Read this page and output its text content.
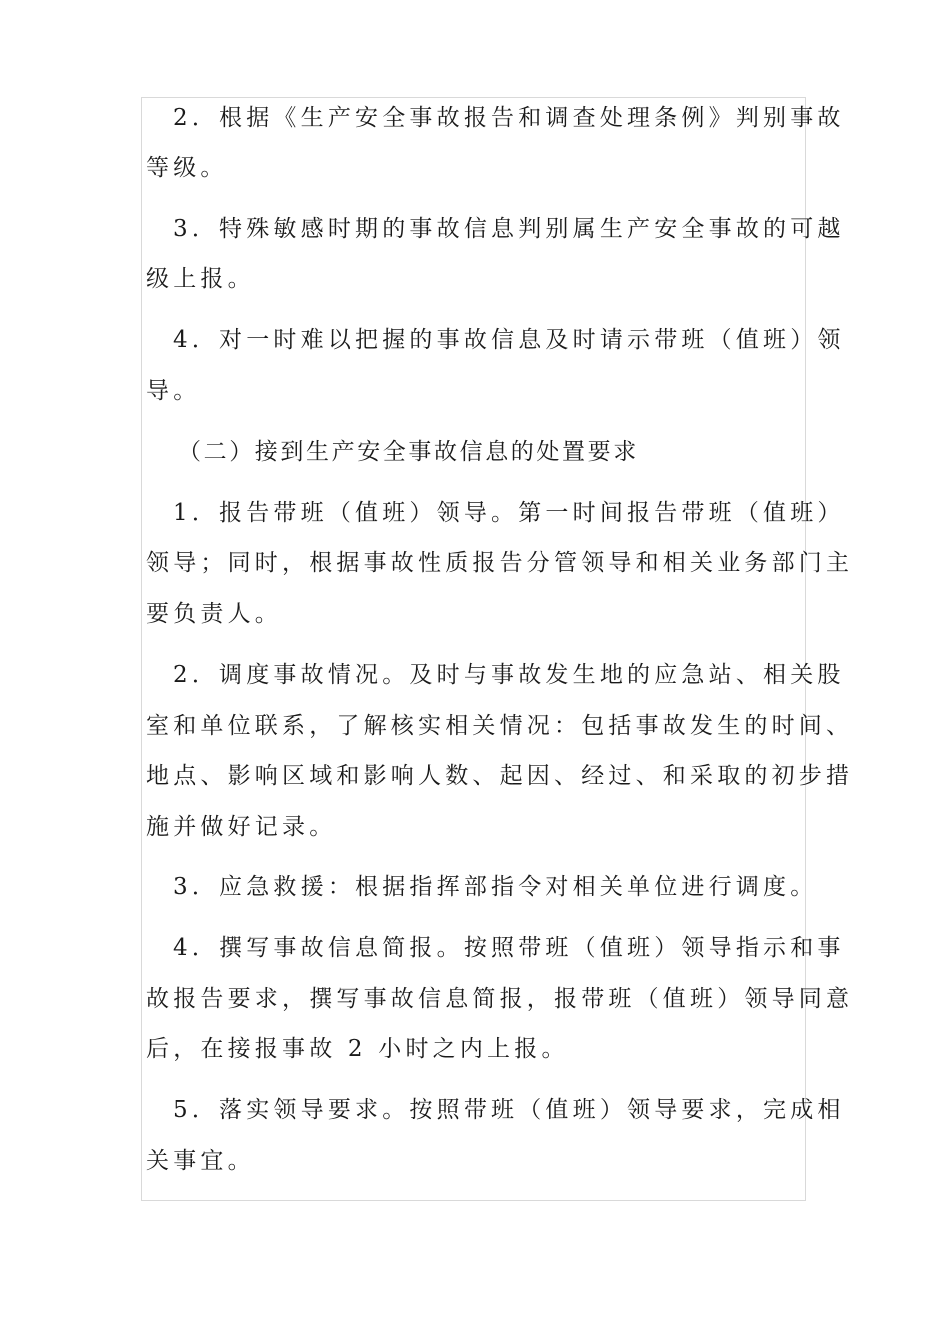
2．根据《生产安全事故报告和调查处理条例》判别事故
等级。
3．特殊敏感时期的事故信息判别属生产安全事故的可越
级上报。
4．对一时难以把握的事故信息及时请示带班（值班）领
导。
（二）接到生产安全事故信息的处置要求
1．报告带班（值班）领导。第一时间报告带班（值班）
领导；同时，根据事故性质报告分管领导和相关业务部门主
要负责人。
2．调度事故情况。及时与事故发生地的应急站、相关股
室和单位联系，了解核实相关情况：包括事故发生的时间、
地点、影响区域和影响人数、起因、经过、和采取的初步措
施并做好记录。
3．应急救援：根据指挥部指令对相关单位进行调度。
4．撰写事故信息简报。按照带班（值班）领导指示和事
故报告要求，撰写事故信息简报，报带班（值班）领导同意
后，在接报事故 2 小时之内上报。
5．落实领导要求。按照带班（值班）领导要求，完成相
关事宜。
